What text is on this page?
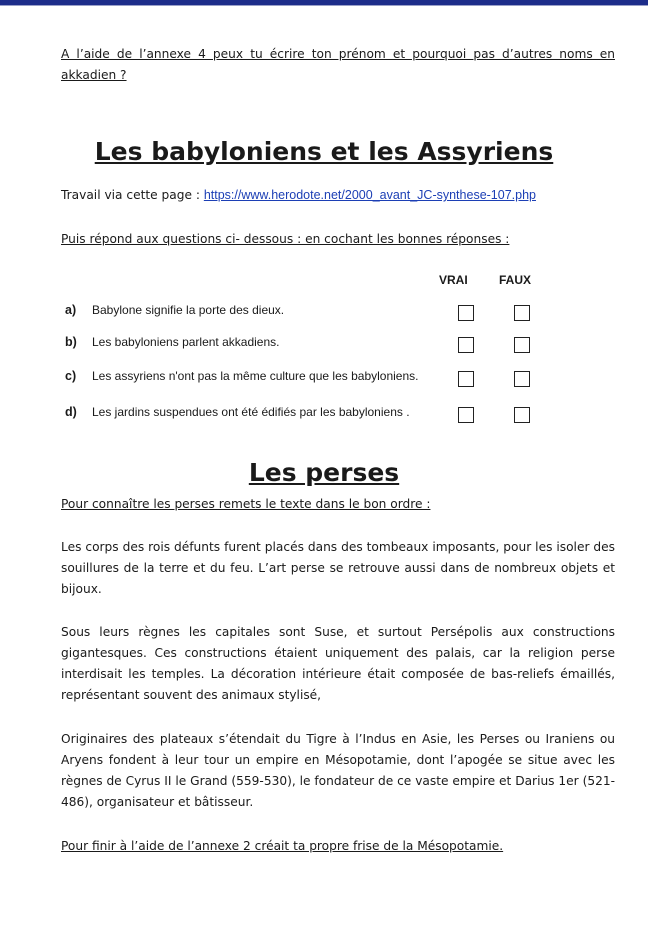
A l’aide de l’annexe 4 peux tu écrire ton prénom et pourquoi pas d’autres noms en akkadien ?

Les babyloniens et les Assyriens

Travail via cette page : https://www.herodote.net/2000_avant_JC-synthese-107.php

Puis répond aux questions ci- dessous : en cochant les bonnes réponses :

VRAI	FAUX
a) Babylone signifie la porte des dieux.
b) Les babyloniens parlent akkadiens.
c) Les assyriens n'ont pas la même culture que les babyloniens.
d) Les jardins suspendues ont été édifiés par les babyloniens .
Les perses

Pour connaître les perses remets le texte dans le bon ordre :

Les corps des rois défunts furent placés dans des tombeaux imposants, pour les isoler des souillures de la terre et du feu. L’art perse se retrouve aussi dans de nombreux objets et bijoux.

Sous leurs règnes les capitales sont Suse, et surtout Persépolis aux constructions gigantesques. Ces constructions étaient uniquement des palais, car la religion perse interdisait les temples. La décoration intérieure était composée de bas-reliefs émaillés, représentant souvent des animaux stylisé,

Originaires des plateaux s’étendait du Tigre à l’Indus en Asie, les Perses ou Iraniens ou Aryens fondent à leur tour un empire en Mésopotamie, dont l’apogée se situe avec les règnes de Cyrus II le Grand (559-530), le fondateur de ce vaste empire et Darius 1er (521-486), organisateur et bâtisseur.

Pour finir à l’aide de l’annexe 2 créait ta propre frise de la Mésopotamie.
